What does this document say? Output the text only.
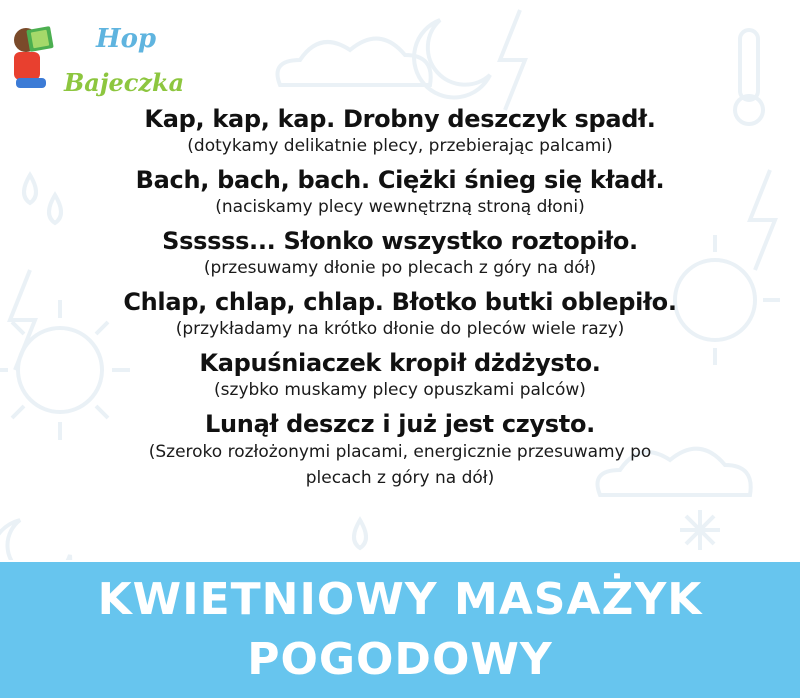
Hop
Bajeczka
Kap, kap, kap. Drobny deszczyk spadł.
(dotykamy delikatnie plecy, przebierając palcami)
Bach, bach, bach. Ciężki śnieg się kładł.
(naciskamy plecy wewnętrzną stroną dłoni)
Ssssss... Słonko wszystko roztopiło.
(przesuwamy dłonie po plecach z góry na dół)
Chlap, chlap, chlap. Błotko butki oblepiło.
(przykładamy na krótko dłonie do pleców wiele razy)
Kapuśniaczek kropił dżdżysto.
(szybko muskamy plecy opuszkami palców)
Lunął deszcz i już jest czysto.
(Szeroko rozłożonymi placami, energicznie przesuwamy po
plecach z góry na dół)
KWIETNIOWY MASAŻYK
POGODOWY
